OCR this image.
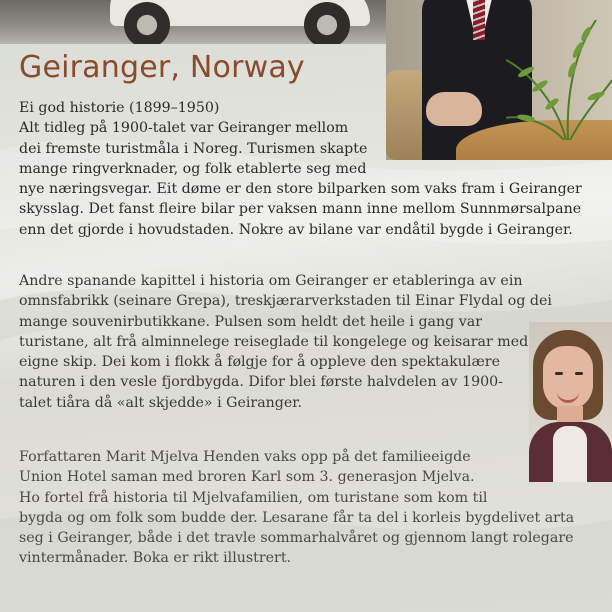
Geiranger, Norway

Ei god historie (1899–1950)
Alt tidleg på 1900-talet var Geiranger mellom
dei fremste turistmåla i Noreg. Turismen skapte
mange ringverknader, og folk etablerte seg med
nye næringsvegar. Eit døme er den store bilparken som vaks fram i Geiranger
skysslag. Det fanst fleire bilar per vaksen mann inne mellom Sunnmørsalpane
enn det gjorde i hovudstaden. Nokre av bilane var endåtil bygde i Geiranger.

Andre spanande kapittel i historia om Geiranger er etableringa av ein
omnsfabrikk (seinare Grepa), treskjærarverkstaden til Einar Flydal og dei
mange souvenirbutikkane. Pulsen som heldt det heile i gang var
turistane, alt frå alminnelege reiseglade til kongelege og keisarar med
eigne skip. Dei kom i flokk å følgje for å oppleve den spektakulære
naturen i den vesle fjordbygda. Difor blei første halvdelen av 1900-
talet tiåra då «alt skjedde» i Geiranger.

Forfattaren Marit Mjelva Henden vaks opp på det familieeigde
Union Hotel saman med broren Karl som 3. generasjon Mjelva.
Ho fortel frå historia til Mjelvafamilien, om turistane som kom til
bygda og om folk som budde der. Lesarane får ta del i korleis bygdelivet arta
seg i Geiranger, både i det travle sommarhalvåret og gjennom langt rolegare
vintermånader. Boka er rikt illustrert.
